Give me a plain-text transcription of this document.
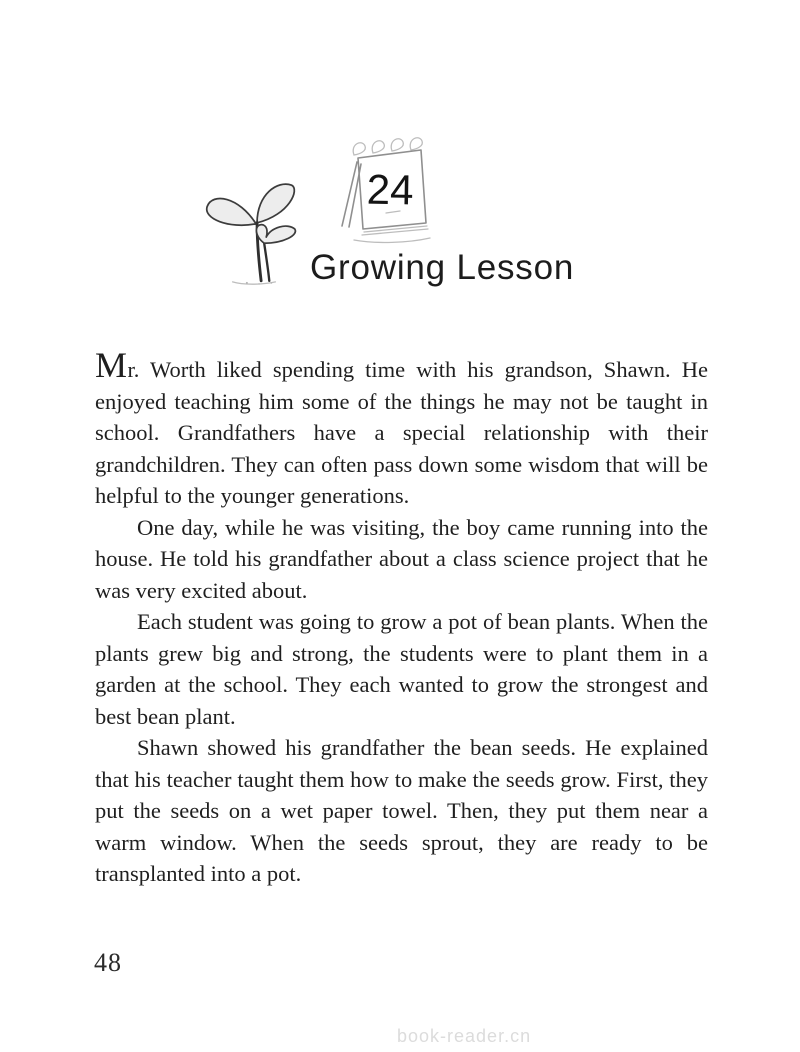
24
Growing Lesson

Mr. Worth liked spending time with his grandson, Shawn. He enjoyed teaching him some of the things he may not be taught in school. Grandfathers have a special relationship with their grandchildren. They can often pass down some wisdom that will be helpful to the younger generations.

One day, while he was visiting, the boy came running into the house. He told his grandfather about a class science project that he was very excited about.

Each student was going to grow a pot of bean plants. When the plants grew big and strong, the students were to plant them in a garden at the school. They each wanted to grow the strongest and best bean plant.

Shawn showed his grandfather the bean seeds. He explained that his teacher taught them how to make the seeds grow. First, they put the seeds on a wet paper towel. Then, they put them near a warm window. When the seeds sprout, they are ready to be transplanted into a pot.

48
book-reader.cn
